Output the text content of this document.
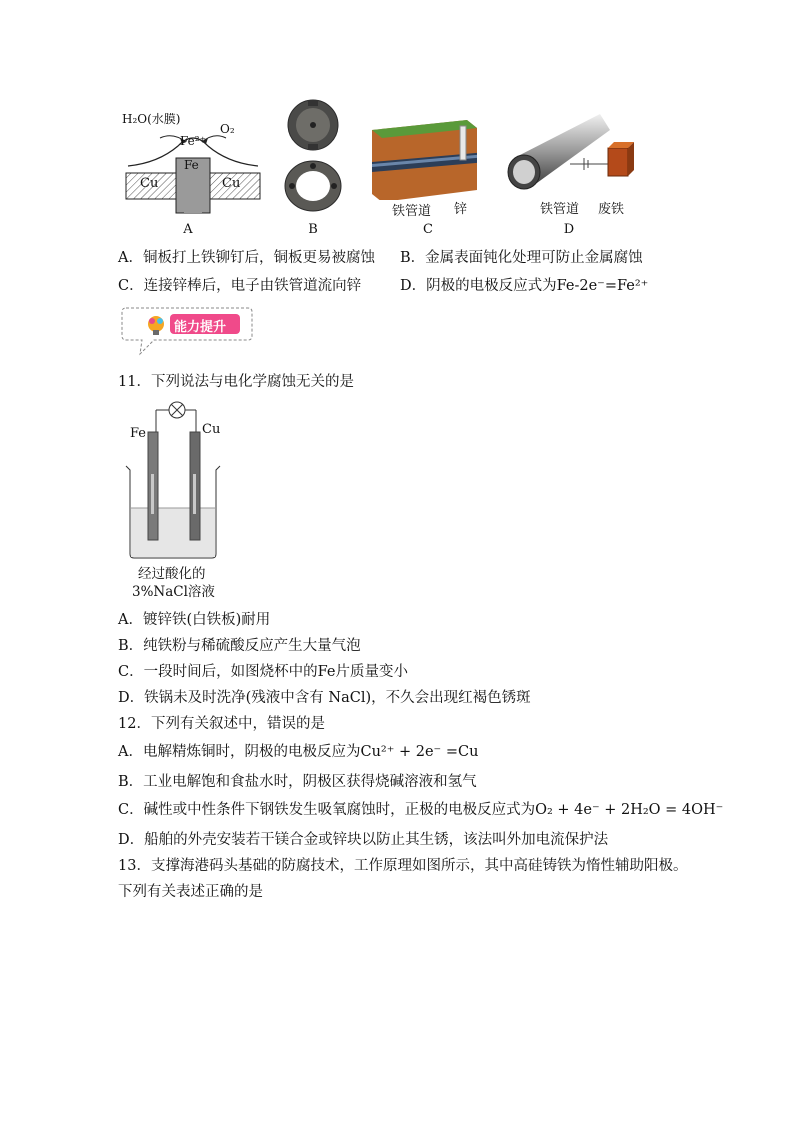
H₂O(水膜)
O₂
Fe²⁺
Fe
Cu	Cu
A	B
铁管道 锌
C
铁管道 废铁
D
A．铜板打上铁铆钉后，铜板更易被腐蚀 B．金属表面钝化处理可防止金属腐蚀
C．连接锌棒后，电子由铁管道流向锌	D．阴极的电极反应式为Fe-2e⁻=Fe²⁺
能力提升
11．下列说法与电化学腐蚀无关的是
Fe	Cu
经过酸化的
3%NaCl溶液
A．镀锌铁(白铁板)耐用
B．纯铁粉与稀硫酸反应产生大量气泡
C．一段时间后，如图烧杯中的Fe片质量变小
D．铁锅未及时洗净(残液中含有 NaCl)，不久会出现红褐色锈斑
12．下列有关叙述中，错误的是
A．电解精炼铜时，阴极的电极反应为Cu²⁺ + 2e⁻ =Cu
B．工业电解饱和食盐水时，阴极区获得烧碱溶液和氢气
C．碱性或中性条件下钢铁发生吸氧腐蚀时，正极的电极反应式为O₂ + 4e⁻ + 2H₂O = 4OH⁻
D．船舶的外壳安装若干镁合金或锌块以防止其生锈，该法叫外加电流保护法
13．支撑海港码头基础的防腐技术，工作原理如图所示，其中高硅铸铁为惰性辅助阳极。
下列有关表述正确的是
